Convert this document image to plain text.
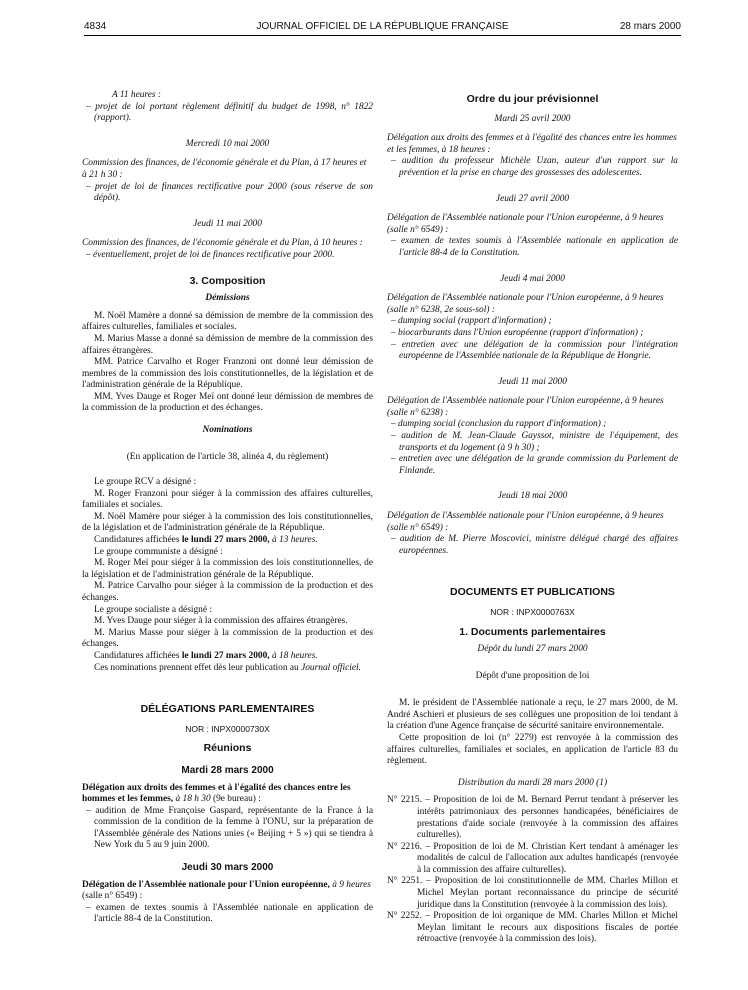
4834	JOURNAL OFFICIEL DE LA RÉPUBLIQUE FRANÇAISE	28 mars 2000

A 11 heures :

– projet de loi portant règlement définitif du budget de 1998, n° 1822 (rapport).

Mercredi 10 mai 2000

Commission des finances, de l'économie générale et du Plan, à 17 heures et à 21 h 30 :

– projet de loi de finances rectificative pour 2000 (sous réserve de son dépôt).

Jeudi 11 mai 2000

Commission des finances, de l'économie générale et du Plan, à 10 heures :

– éventuellement, projet de loi de finances rectificative pour 2000.

3. Composition

Démissions

M. Noël Mamère a donné sa démission de membre de la commission des affaires culturelles, familiales et sociales.

M. Marius Masse a donné sa démission de membre de la commission des affaires étrangères.

MM. Patrice Carvalho et Roger Franzoni ont donné leur démission de membres de la commission des lois constitutionnelles, de la législation et de l'administration générale de la République.

MM. Yves Dauge et Roger Meï ont donné leur démission de membres de la commission de la production et des échanges.

Nominations

(En application de l'article 38, alinéa 4, du règlement)

Le groupe RCV a désigné :

M. Roger Franzoni pour siéger à la commission des affaires culturelles, familiales et sociales.

M. Noël Mamère pour siéger à la commission des lois constitutionnelles, de la législation et de l'administration générale de la République.

Candidatures affichées le lundi 27 mars 2000, à 13 heures.

Le groupe communiste a désigné :

M. Roger Meï pour siéger à la commission des lois constitutionnelles, de la législation et de l'administration générale de la République.

M. Patrice Carvalho pour siéger à la commission de la production et des échanges.

Le groupe socialiste a désigné :

M. Yves Dauge pour siéger à la commission des affaires étrangères.

M. Marius Masse pour siéger à la commission de la production et des échanges.

Candidatures affichées le lundi 27 mars 2000, à 18 heures.

Ces nominations prennent effet dès leur publication au Journal officiel.

DÉLÉGATIONS PARLEMENTAIRES

NOR : INPX0000730X

Réunions

Mardi 28 mars 2000

Délégation aux droits des femmes et à l'égalité des chances entre les hommes et les femmes, à 18 h 30 (9e bureau) :

– audition de Mme Françoise Gaspard, représentante de la France à la commission de la condition de la femme à l'ONU, sur la préparation de l'Assemblée générale des Nations unies (« Beijing + 5 ») qui se tiendra à New York du 5 au 9 juin 2000.

Jeudi 30 mars 2000

Délégation de l'Assemblée nationale pour l'Union européenne, à 9 heures (salle n° 6549) :

– examen de textes soumis à l'Assemblée nationale en application de l'article 88-4 de la Constitution.

Ordre du jour prévisionnel

Mardi 25 avril 2000

Délégation aux droits des femmes et à l'égalité des chances entre les hommes et les femmes, à 18 heures :

– audition du professeur Michèle Uzan, auteur d'un rapport sur la prévention et la prise en charge des grossesses des adolescentes.

Jeudi 27 avril 2000

Délégation de l'Assemblée nationale pour l'Union européenne, à 9 heures (salle n° 6549) :

– examen de textes soumis à l'Assemblée nationale en application de l'article 88-4 de la Constitution.

Jeudi 4 mai 2000

Délégation de l'Assemblée nationale pour l'Union européenne, à 9 heures (salle n° 6238, 2e sous-sol) :

– dumping social (rapport d'information) ;

– biocarburants dans l'Union européenne (rapport d'information) ;

– entretien avec une délégation de la commission pour l'intégration européenne de l'Assemblée nationale de la République de Hongrie.

Jeudi 11 mai 2000

Délégation de l'Assemblée nationale pour l'Union européenne, à 9 heures (salle n° 6238) :

– dumping social (conclusion du rapport d'information) ;

– audition de M. Jean-Claude Gayssot, ministre de l'équipement, des transports et du logement (à 9 h 30) ;

– entretien avec une délégation de la grande commission du Parlement de Finlande.

Jeudi 18 mai 2000

Délégation de l'Assemblée nationale pour l'Union européenne, à 9 heures (salle n° 6549) :

– audition de M. Pierre Moscovici, ministre délégué chargé des affaires européennes.

DOCUMENTS ET PUBLICATIONS

NOR : INPX0000763X

1. Documents parlementaires

Dépôt du lundi 27 mars 2000

Dépôt d'une proposition de loi

M. le président de l'Assemblée nationale a reçu, le 27 mars 2000, de M. André Aschieri et plusieurs de ses collègues une proposition de loi tendant à la création d'une Agence française de sécurité sanitaire environnementale.

Cette proposition de loi (n° 2279) est renvoyée à la commission des affaires culturelles, familiales et sociales, en application de l'article 83 du règlement.

Distribution du mardi 28 mars 2000 (1)

N° 2215. – Proposition de loi de M. Bernard Perrut tendant à préserver les intérêts patrimoniaux des personnes handicapées, bénéficiaires de prestations d'aide sociale (renvoyée à la commission des affaires culturelles).

N° 2216. – Proposition de loi de M. Christian Kert tendant à aménager les modalités de calcul de l'allocation aux adultes handicapés (renvoyée à la commission des affaire culturelles).

N° 2251. – Proposition de loi constitutionnelle de MM. Charles Millon et Michel Meylan portant reconnaissance du principe de sécurité juridique dans la Constitution (renvoyée à la commission des lois).

N° 2252. – Proposition de loi organique de MM. Charles Millon et Michel Meylan limitant le recours aux dispositions fiscales de portée rétroactive (renvoyée à la commission des lois).
